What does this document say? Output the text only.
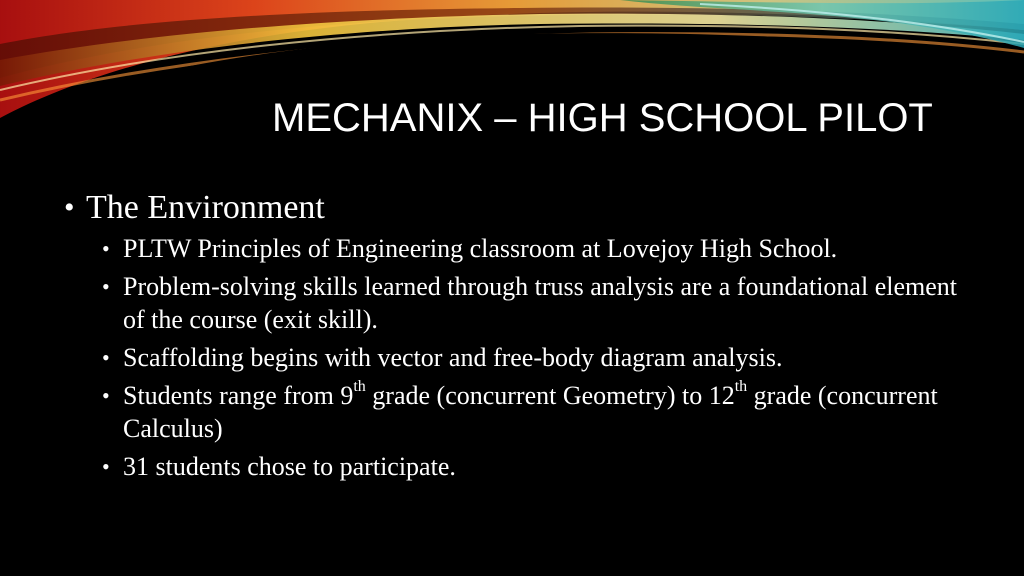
MECHANIX – HIGH SCHOOL PILOT
• The Environment
• PLTW Principles of Engineering classroom at Lovejoy High School.
• Problem-solving skills learned through truss analysis are a foundational element of the course (exit skill).
• Scaffolding begins with vector and free-body diagram analysis.
• Students range from 9th grade (concurrent Geometry) to 12th grade (concurrent Calculus)
• 31 students chose to participate.
